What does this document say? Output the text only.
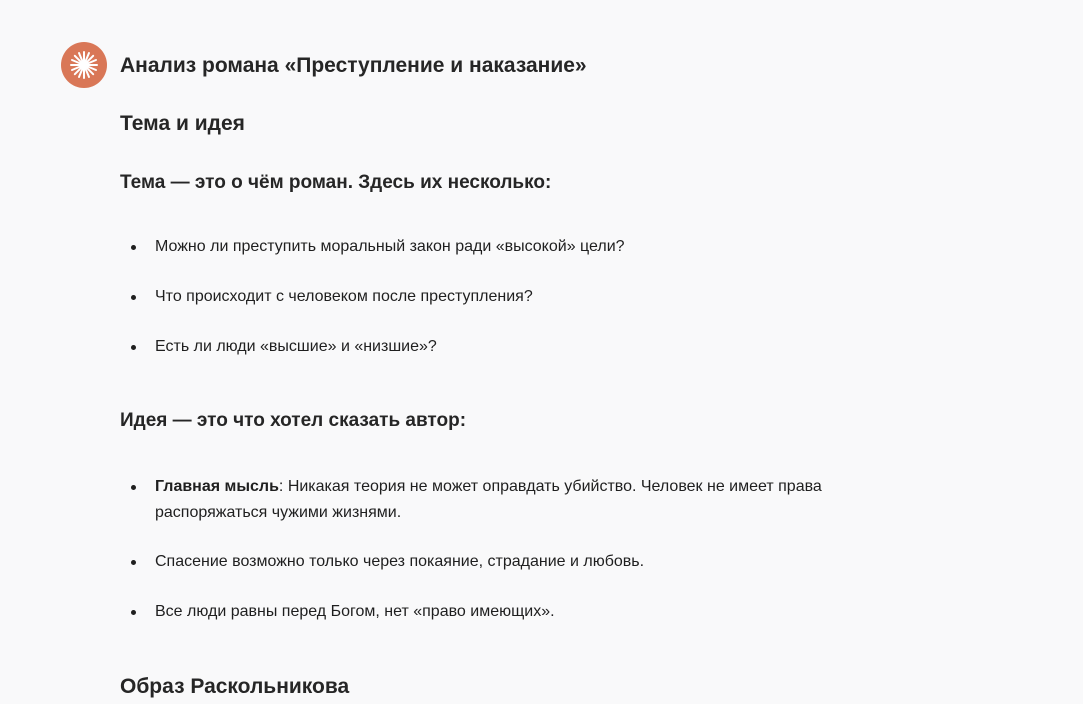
Анализ романа «Преступление и наказание»
Тема и идея
Тема — это о чём роман. Здесь их несколько:
Можно ли преступить моральный закон ради «высокой» цели?
Что происходит с человеком после преступления?
Есть ли люди «высшие» и «низшие»?
Идея — это что хотел сказать автор:
Главная мысль: Никакая теория не может оправдать убийство. Человек не имеет права распоряжаться чужими жизнями.
Спасение возможно только через покаяние, страдание и любовь.
Все люди равны перед Богом, нет «право имеющих».
Образ Раскольникова
